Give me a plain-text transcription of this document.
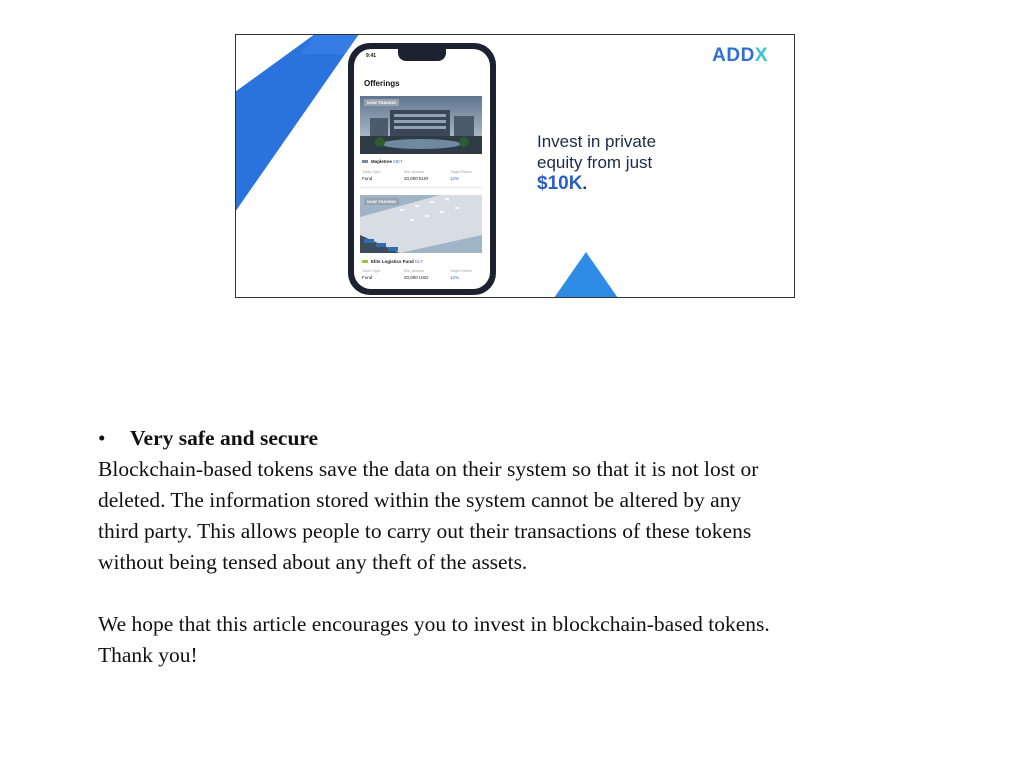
ADDX
Invest in private
equity from just
$10K.
9:41
Offerings
NOW TRADING
Mapletree MET
Token Type	Min. Amount	Target Return
Fund	20,000 EUR	12%
NOW TRADING
Elite Logistics Fund ELF
Token Type	Min. Amount	Target Return
Fund	20,000 USD	12%
•	Very safe and secure

Blockchain-based tokens save the data on their system so that it is not lost or

deleted. The information stored within the system cannot be altered by any

third party. This allows people to carry out their transactions of these tokens

without being tensed about any theft of the assets.

We hope that this article encourages you to invest in blockchain-based tokens.

Thank you!
